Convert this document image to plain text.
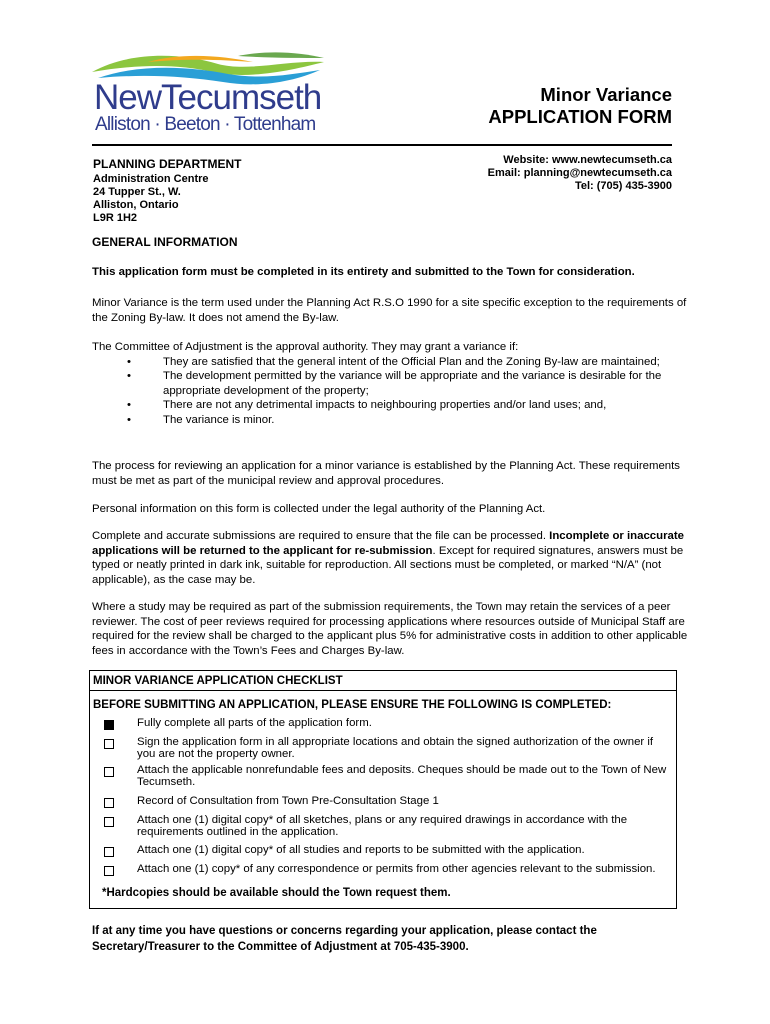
NewTecumseth
Alliston · Beeton · Tottenham
Minor Variance
APPLICATION FORM
PLANNING DEPARTMENT
Administration Centre
24 Tupper St., W.
Alliston, Ontario
L9R 1H2
Website: www.newtecumseth.ca
Email: planning@newtecumseth.ca
Tel: (705) 435-3900
GENERAL INFORMATION
This application form must be completed in its entirety and submitted to the Town for consideration.
Minor Variance is the term used under the Planning Act R.S.O 1990 for a site specific exception to the requirements of the Zoning By-law. It does not amend the By-law.
The Committee of Adjustment is the approval authority. They may grant a variance if:
•	They are satisfied that the general intent of the Official Plan and the Zoning By-law are maintained;
•	The development permitted by the variance will be appropriate and the variance is desirable for the appropriate development of the property;
•	There are not any detrimental impacts to neighbouring properties and/or land uses; and,
•	The variance is minor.
The process for reviewing an application for a minor variance is established by the Planning Act. These requirements must be met as part of the municipal review and approval procedures.
Personal information on this form is collected under the legal authority of the Planning Act.
Complete and accurate submissions are required to ensure that the file can be processed. Incomplete or inaccurate applications will be returned to the applicant for re-submission. Except for required signatures, answers must be typed or neatly printed in dark ink, suitable for reproduction. All sections must be completed, or marked “N/A” (not applicable), as the case may be.
Where a study may be required as part of the submission requirements, the Town may retain the services of a peer reviewer. The cost of peer reviews required for processing applications where resources outside of Municipal Staff are required for the review shall be charged to the applicant plus 5% for administrative costs in addition to other applicable fees in accordance with the Town’s Fees and Charges By-law.
MINOR VARIANCE APPLICATION CHECKLIST
BEFORE SUBMITTING AN APPLICATION, PLEASE ENSURE THE FOLLOWING IS COMPLETED:
Fully complete all parts of the application form.
Sign the application form in all appropriate locations and obtain the signed authorization of the owner if you are not the property owner.
Attach the applicable nonrefundable fees and deposits. Cheques should be made out to the Town of New Tecumseth.
Record of Consultation from Town Pre-Consultation Stage 1
Attach one (1) digital copy* of all sketches, plans or any required drawings in accordance with the requirements outlined in the application.
Attach one (1) digital copy* of all studies and reports to be submitted with the application.
Attach one (1) copy* of any correspondence or permits from other agencies relevant to the submission.
*Hardcopies should be available should the Town request them.
If at any time you have questions or concerns regarding your application, please contact the Secretary/Treasurer to the Committee of Adjustment at 705-435-3900.
